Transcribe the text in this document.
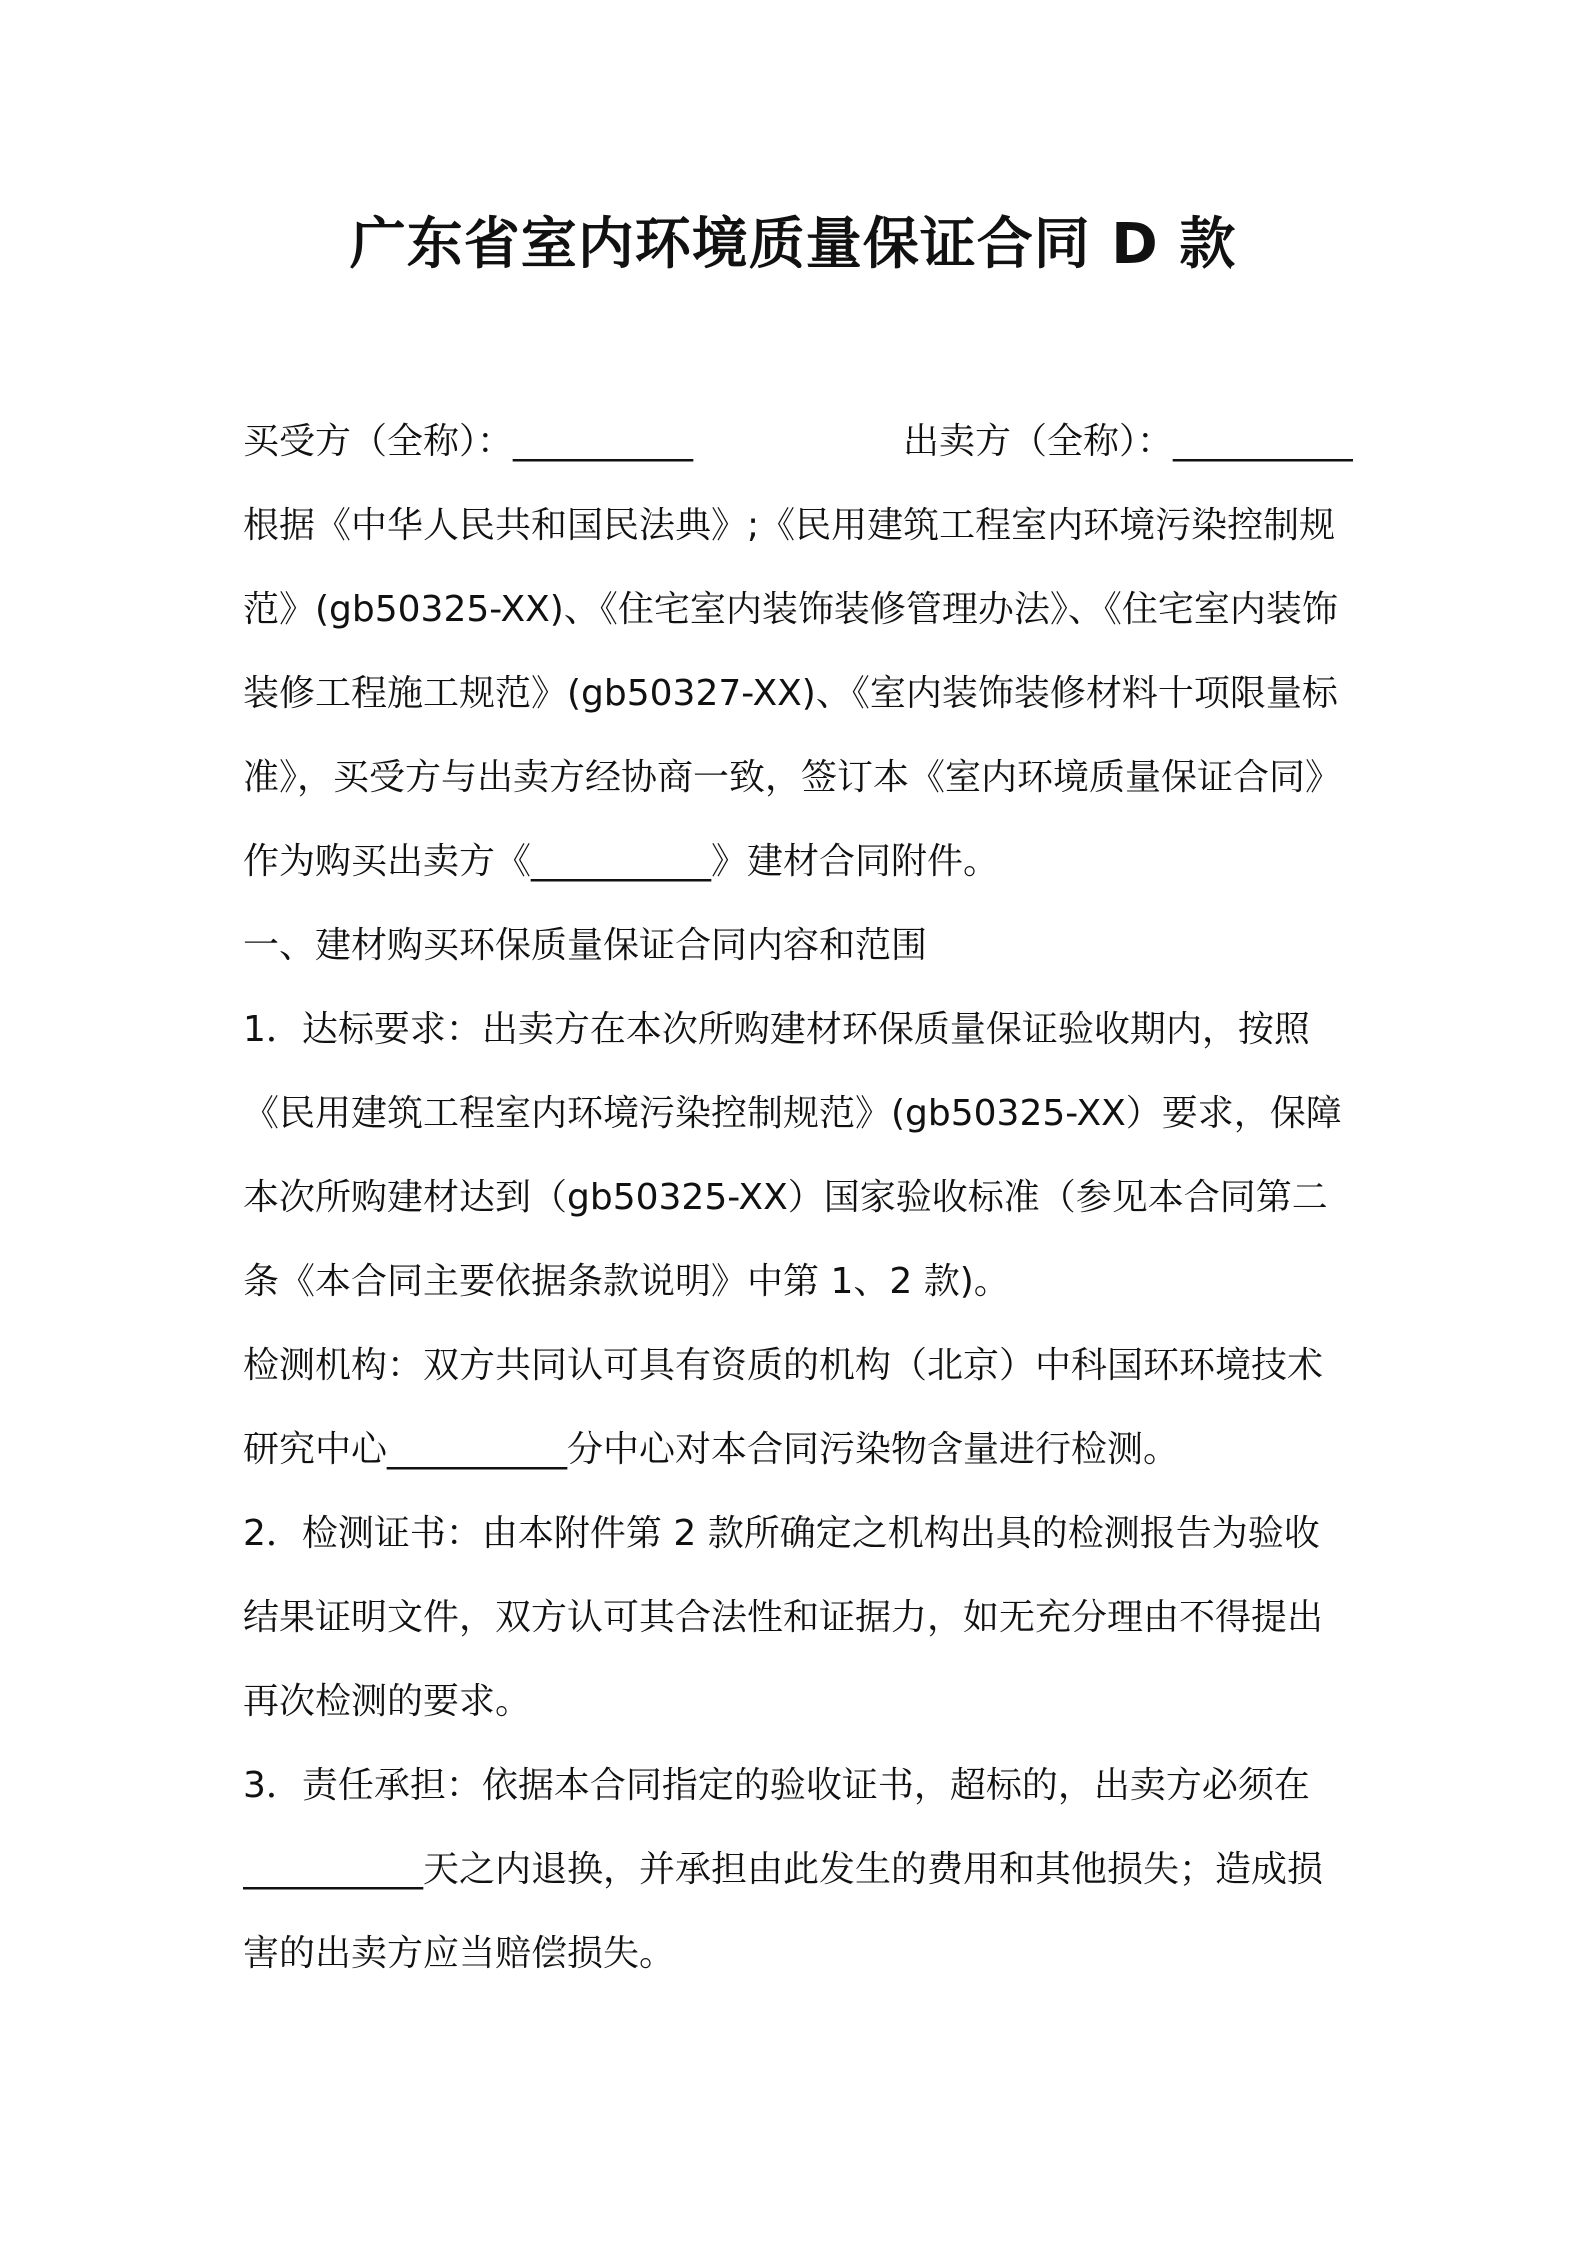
广东省室内环境质量保证合同 D 款
买受方（全称）：__________	出卖方（全称）：__________
根据《中华人民共和国民法典》;《民用建筑工程室内环境污染控制规
范》(gb50325-XX)、《住宅室内装饰装修管理办法》、《住宅室内装饰
装修工程施工规范》(gb50327-XX)、《室内装饰装修材料十项限量标
准》，买受方与出卖方经协商一致，签订本《室内环境质量保证合同》
作为购买出卖方《__________》建材合同附件。
一、建材购买环保质量保证合同内容和范围
1．达标要求：出卖方在本次所购建材环保质量保证验收期内，按照
《民用建筑工程室内环境污染控制规范》(gb50325-XX）要求，保障
本次所购建材达到（gb50325-XX）国家验收标准（参见本合同第二
条《本合同主要依据条款说明》中第 1、2 款)。
检测机构：双方共同认可具有资质的机构（北京）中科国环环境技术
研究中心__________分中心对本合同污染物含量进行检测。
2．检测证书：由本附件第 2 款所确定之机构出具的检测报告为验收
结果证明文件，双方认可其合法性和证据力，如无充分理由不得提出
再次检测的要求。
3．责任承担：依据本合同指定的验收证书，超标的，出卖方必须在
__________天之内退换，并承担由此发生的费用和其他损失；造成损
害的出卖方应当赔偿损失。
